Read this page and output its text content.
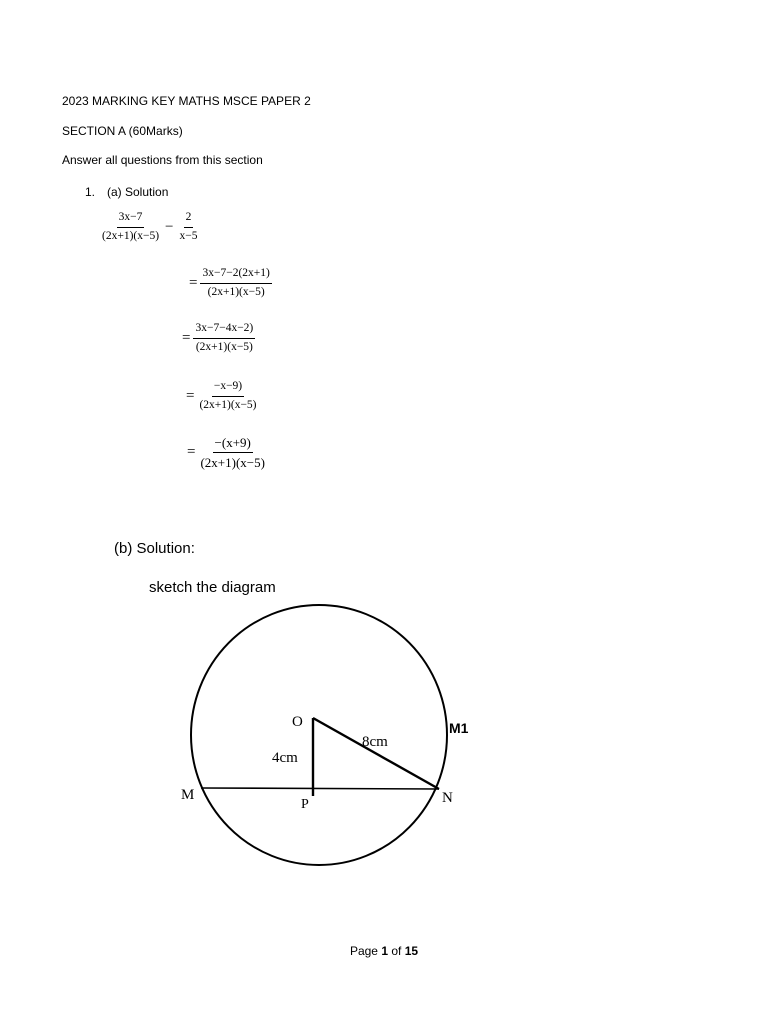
2023 MARKING KEY MATHS MSCE PAPER 2
SECTION A (60Marks)
Answer all questions from this section
1. (a) Solution
$\frac{3x-7}{(2x+1)(x-5)} - \frac{2}{x-5}$
= $\frac{3x-7-2(2x+1)}{(2x+1)(x-5)}$
= $\frac{3x-7-4x-2)}{(2x+1)(x-5)}$
= $\frac{-x-9)}{(2x+1)(x-5)}$
= $\frac{-(x+9)}{(2x+1)(x-5)}$
(b) Solution:
sketch the diagram
O
P
M	N
4cm
8cm
M1
Page 1 of 15
